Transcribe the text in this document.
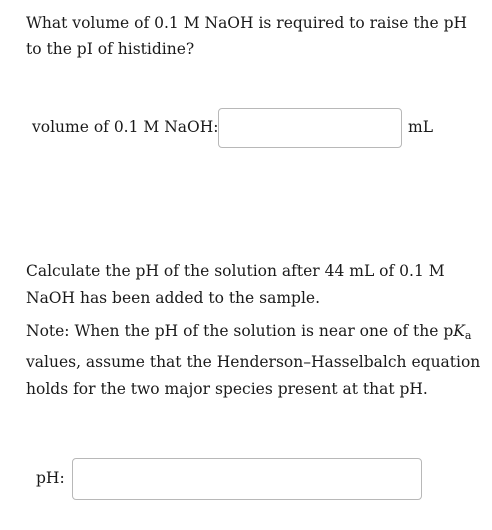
What volume of 0.1 M NaOH is required to raise the pH to the pI of histidine?
volume of 0.1 M NaOH:	mL
Calculate the pH of the solution after 44 mL of 0.1 M NaOH has been added to the sample.
Note: When the pH of the solution is near one of the $pK_a$ values, assume that the Henderson–Hasselbalch equation holds for the two major species present at that pH.
pH:
